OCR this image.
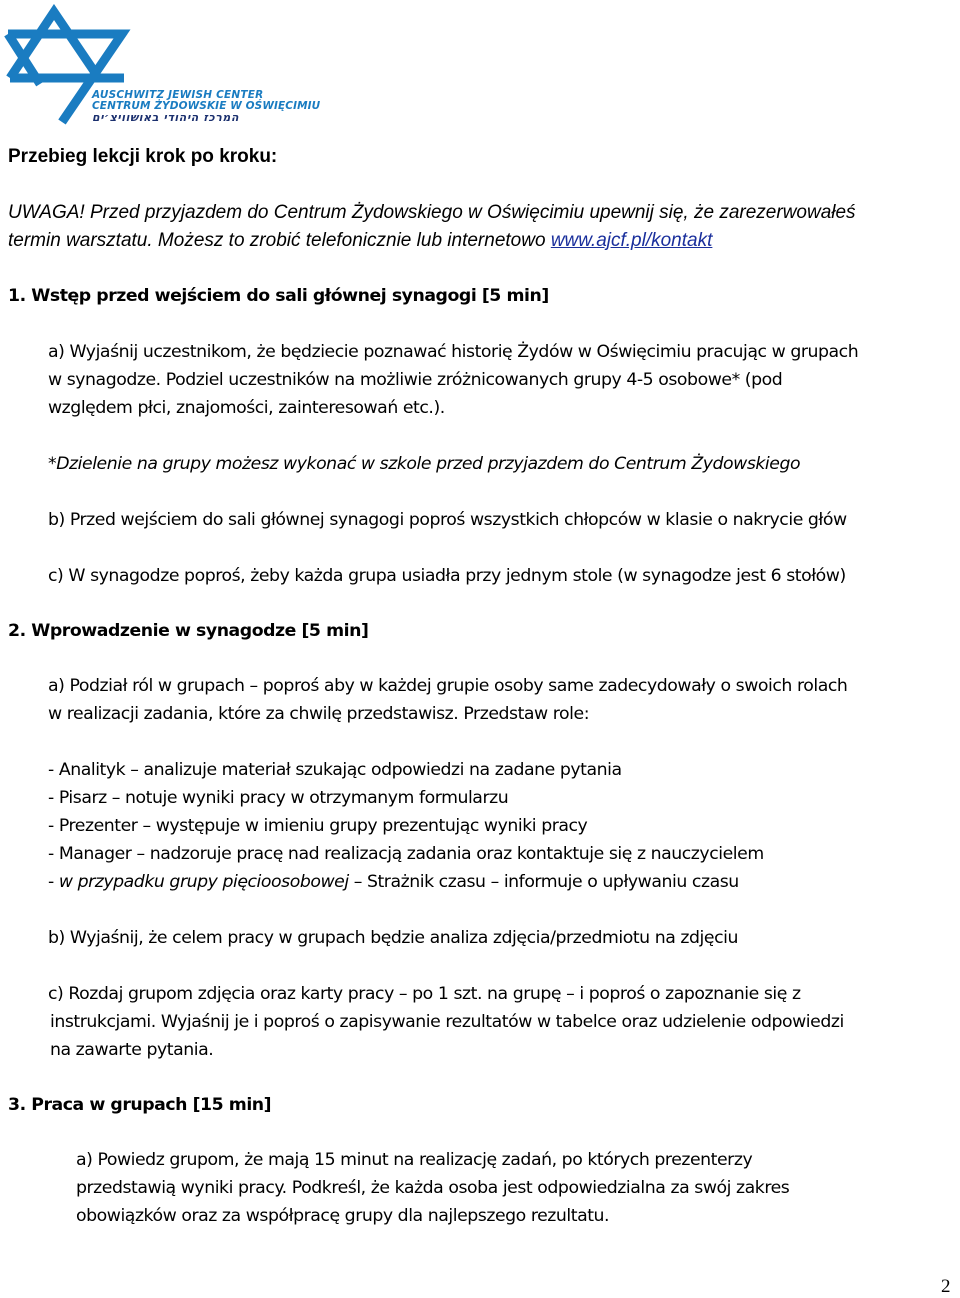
AUSCHWITZ JEWISH CENTER
CENTRUM ŻYDOWSKIE W OŚWIĘCIMIU
המרכז היהודי באושוויצ׳ים
Przebieg lekcji krok po kroku:
UWAGA! Przed przyjazdem do Centrum Żydowskiego w Oświęcimiu upewnij się, że zarezerwowałeś
termin warsztatu. Możesz to zrobić telefonicznie lub internetowo www.ajcf.pl/kontakt
1. Wstęp przed wejściem do sali głównej synagogi [5 min]
a) Wyjaśnij uczestnikom, że będziecie poznawać historię Żydów w Oświęcimiu pracując w grupach
w synagodze. Podziel uczestników na możliwie zróżnicowanych grupy 4-5 osobowe* (pod
względem płci, znajomości, zainteresowań etc.).
*Dzielenie na grupy możesz wykonać w szkole przed przyjazdem do Centrum Żydowskiego
b) Przed wejściem do sali głównej synagogi poproś wszystkich chłopców w klasie o nakrycie głów
c) W synagodze poproś, żeby każda grupa usiadła przy jednym stole (w synagodze jest 6 stołów)
2. Wprowadzenie w synagodze [5 min]
a) Podział ról w grupach – poproś aby w każdej grupie osoby same zadecydowały o swoich rolach
w realizacji zadania, które za chwilę przedstawisz. Przedstaw role:
- Analityk – analizuje materiał szukając odpowiedzi na zadane pytania
- Pisarz – notuje wyniki pracy w otrzymanym formularzu
- Prezenter – występuje w imieniu grupy prezentując wyniki pracy
- Manager – nadzoruje pracę nad realizacją zadania oraz kontaktuje się z nauczycielem
- w przypadku grupy pięcioosobowej – Strażnik czasu – informuje o upływaniu czasu
b) Wyjaśnij, że celem pracy w grupach będzie analiza zdjęcia/przedmiotu na zdjęciu
c) Rozdaj grupom zdjęcia oraz karty pracy – po 1 szt. na grupę – i poproś o zapoznanie się z
instrukcjami. Wyjaśnij je i poproś o zapisywanie rezultatów w tabelce oraz udzielenie odpowiedzi
na zawarte pytania.
3. Praca w grupach [15 min]
a) Powiedz grupom, że mają 15 minut na realizację zadań, po których prezenterzy
przedstawią wyniki pracy. Podkreśl, że każda osoba jest odpowiedzialna za swój zakres
obowiązków oraz za współpracę grupy dla najlepszego rezultatu.
2
